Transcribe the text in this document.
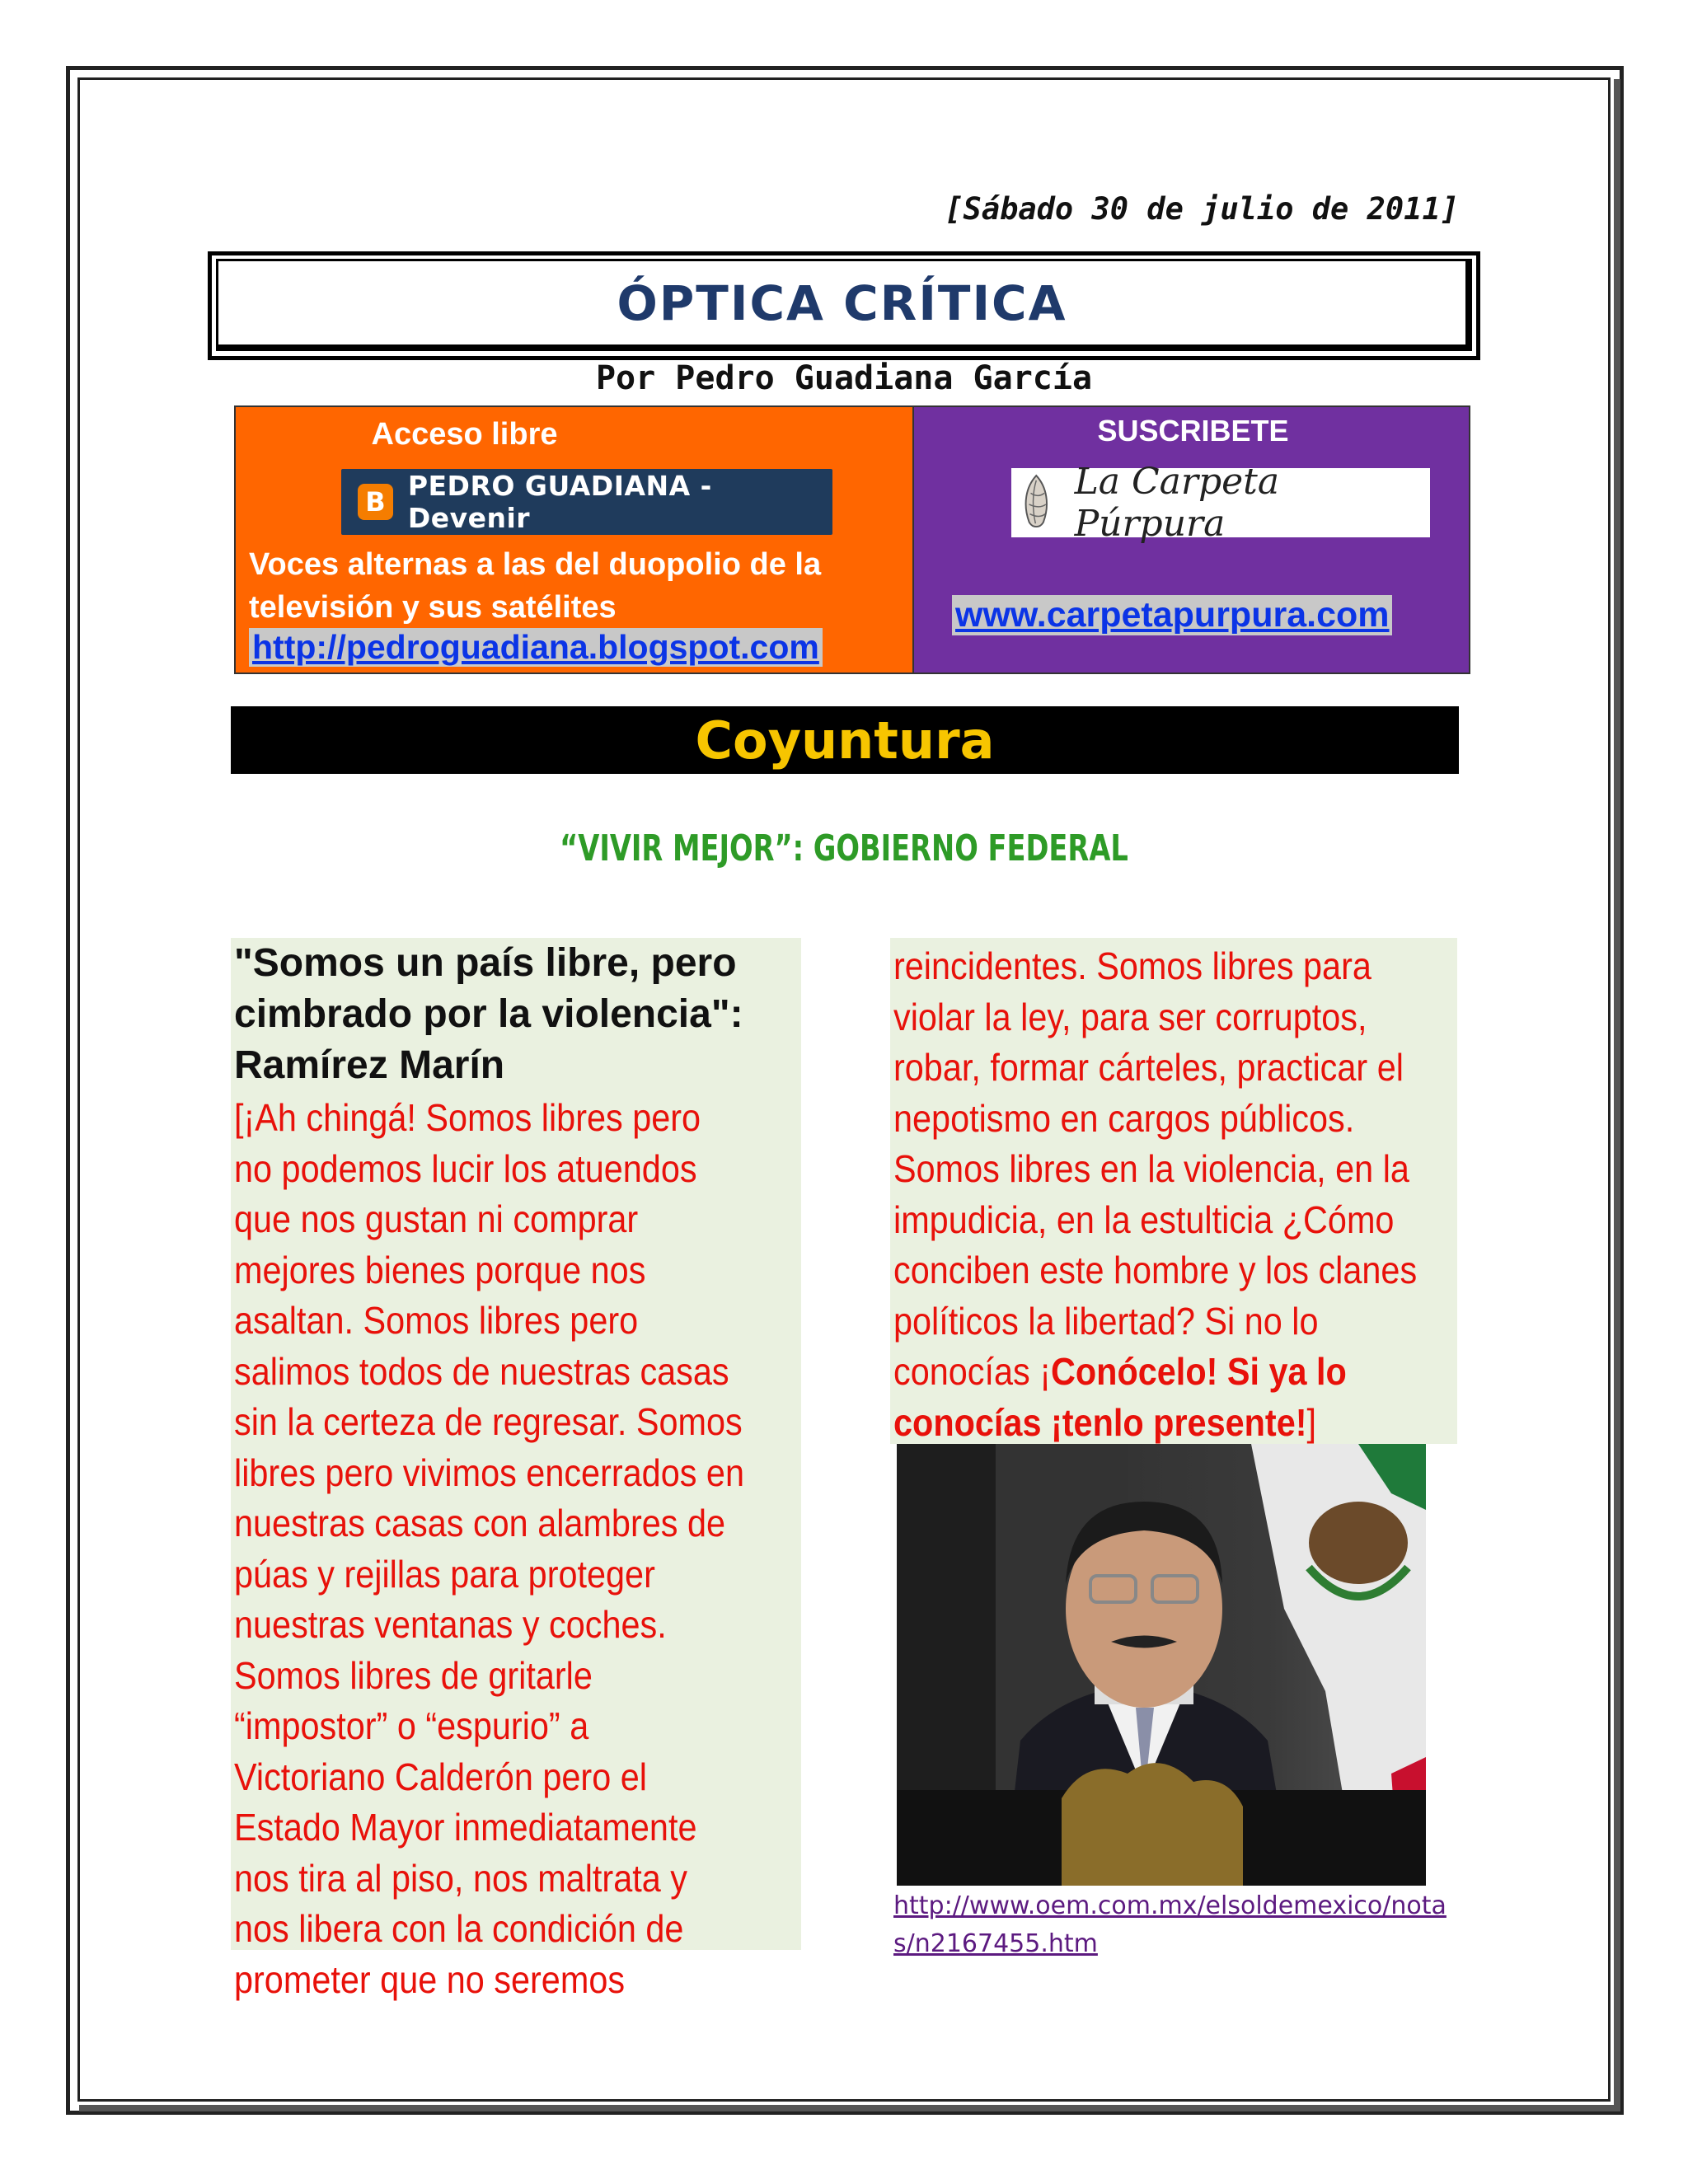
[Sábado 30 de julio de 2011]
ÓPTICA CRÍTICA
Por Pedro Guadiana García
Acceso libre
B PEDRO GUADIANA - Devenir
Voces alternas a las del duopolio de la televisión y sus satélites
http://pedroguadiana.blogspot.com
SUSCRIBETE
La Carpeta Púrpura
www.carpetapurpura.com
Coyuntura
“VIVIR MEJOR”: GOBIERNO FEDERAL
"Somos un país libre, pero cimbrado por la violencia": Ramírez Marín
[¡Ah chingá! Somos libres pero no podemos lucir los atuendos que nos gustan ni comprar mejores bienes porque nos asaltan. Somos libres pero salimos todos de nuestras casas sin la certeza de regresar. Somos libres pero vivimos encerrados en nuestras casas con alambres de púas y rejillas para proteger nuestras ventanas y coches. Somos libres de gritarle “impostor” o “espurio” a Victoriano Calderón pero el Estado Mayor inmediatamente nos tira al piso, nos maltrata y nos libera con la condición de prometer que no seremos
reincidentes. Somos libres para violar la ley, para ser corruptos, robar, formar cárteles, practicar el nepotismo en cargos públicos. Somos libres en la violencia, en la impudicia, en la estulticia ¿Cómo conciben este hombre y los clanes políticos la libertad? Si no lo conocías ¡Conócelo! Si ya lo conocías ¡tenlo presente!]
http://www.oem.com.mx/elsoldemexico/notas/n2167455.htm
